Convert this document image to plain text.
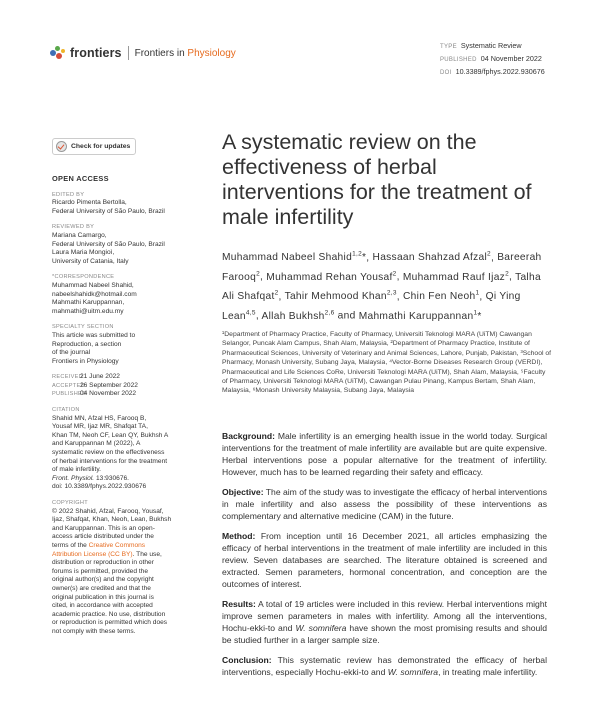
frontiers Frontiers in Physiology
TYPE Systematic Review
PUBLISHED 04 November 2022
DOI 10.3389/fphys.2022.930676
Check for updates
OPEN ACCESS
EDITED BY
Ricardo Pimenta Bertolla,
Federal University of São Paulo, Brazil
REVIEWED BY
Mariana Camargo,
Federal University of São Paulo, Brazil
Laura Maria Mongioì,
University of Catania, Italy
*CORRESPONDENCE
Muhammad Nabeel Shahid,
nabeelshahidk@hotmail.com
Mahmathi Karuppannan,
mahmathi@uitm.edu.my
SPECIALTY SECTION
This article was submitted to
Reproduction, a section
of the journal
Frontiers in Physiology
RECEIVED
21 June 2022
ACCEPTED
26 September 2022
PUBLISHED
04 November 2022
CITATION
Shahid MN, Afzal HS, Farooq B,
Yousaf MR, Ijaz MR, Shafqat TA,
Khan TM, Neoh CF, Lean QY, Bukhsh A
and Karuppannan M (2022), A
systematic review on the effectiveness
of herbal interventions for the treatment
of male infertility.
Front. Physiol. 13:930676.
doi: 10.3389/fphys.2022.930676
COPYRIGHT
© 2022 Shahid, Afzal, Farooq, Yousaf,
Ijaz, Shafqat, Khan, Neoh, Lean, Bukhsh
and Karuppannan. This is an open-
access article distributed under the
terms of the Creative Commons
Attribution License (CC BY). The use,
distribution or reproduction in other
forums is permitted, provided the
original author(s) and the copyright
owner(s) are credited and that the
original publication in this journal is
cited, in accordance with accepted
academic practice. No use, distribution
or reproduction is permitted which does
not comply with these terms.
A systematic review on the effectiveness of herbal interventions for the treatment of male infertility
Muhammad Nabeel Shahid$^{1,2}$*, Hassaan Shahzad Afzal$^2$, Bareerah Farooq$^2$, Muhammad Rehan Yousaf$^2$, Muhammad Rauf Ijaz$^2$, Talha Ali Shafqat$^2$, Tahir Mehmood Khan$^{2,3}$, Chin Fen Neoh$^1$, Qi Ying Lean$^{4,5}$, Allah Bukhsh$^{2,6}$ and Mahmathi Karuppannan$^1$*
¹Department of Pharmacy Practice, Faculty of Pharmacy, Universiti Teknologi MARA (UiTM) Cawangan Selangor, Puncak Alam Campus, Shah Alam, Malaysia, ²Department of Pharmacy Practice, Institute of Pharmaceutical Sciences, University of Veterinary and Animal Sciences, Lahore, Punjab, Pakistan, ³School of Pharmacy, Monash University, Subang Jaya, Malaysia, ⁴Vector-Borne Diseases Research Group (VERDI), Pharmaceutical and Life Sciences CoRe, Universiti Teknologi MARA (UiTM), Shah Alam, Malaysia, ⁵Faculty of Pharmacy, Universiti Teknologi MARA (UiTM), Cawangan Pulau Pinang, Kampus Bertam, Shah Alam, Malaysia, ⁶Monash University Malaysia, Subang Jaya, Malaysia

Background: Male infertility is an emerging health issue in the world today. Surgical interventions for the treatment of male infertility are available but are quite expensive. Herbal interventions pose a popular alternative for the treatment of infertility. However, much has to be learned regarding their safety and efficacy.

Objective: The aim of the study was to investigate the efficacy of herbal interventions in male infertility and also assess the possibility of these interventions as complementary and alternative medicine (CAM) in the future.

Method: From inception until 16 December 2021, all articles emphasizing the efficacy of herbal interventions in the treatment of male infertility are included in this review. Seven databases are searched. The literature obtained is screened and extracted. Semen parameters, hormonal concentration, and conception are the outcomes of interest.

Results: A total of 19 articles were included in this review. Herbal interventions might improve semen parameters in males with infertility. Among all the interventions, Hochu-ekki-to and W. somnifera have shown the most promising results and should be studied further in a larger sample size.

Conclusion: This systematic review has demonstrated the efficacy of herbal interventions, especially Hochu-ekki-to and W. somnifera, in treating male infertility.
